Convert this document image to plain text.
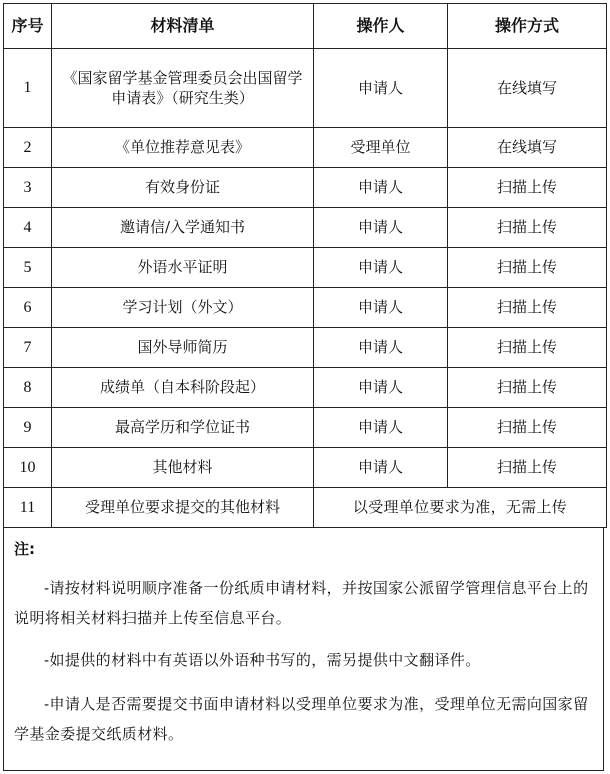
序号	材料清单	操作人	操作方式
1	《国家留学基金管理委员会出国留学申请表》（研究生类）	申请人	在线填写
2	《单位推荐意见表》	受理单位	在线填写
3	有效身份证	申请人	扫描上传
4	邀请信/入学通知书	申请人	扫描上传
5	外语水平证明	申请人	扫描上传
6	学习计划（外文）	申请人	扫描上传
7	国外导师简历	申请人	扫描上传
8	成绩单（自本科阶段起）	申请人	扫描上传
9	最高学历和学位证书	申请人	扫描上传
10	其他材料	申请人	扫描上传
11	受理单位要求提交的其他材料	以受理单位要求为准，无需上传	

注:

-请按材料说明顺序准备一份纸质申请材料，并按国家公派留学管理信息平台上的说明将相关材料扫描并上传至信息平台。

-如提供的材料中有英语以外语种书写的，需另提供中文翻译件。

-申请人是否需要提交书面申请材料以受理单位要求为准，受理单位无需向国家留学基金委提交纸质材料。
